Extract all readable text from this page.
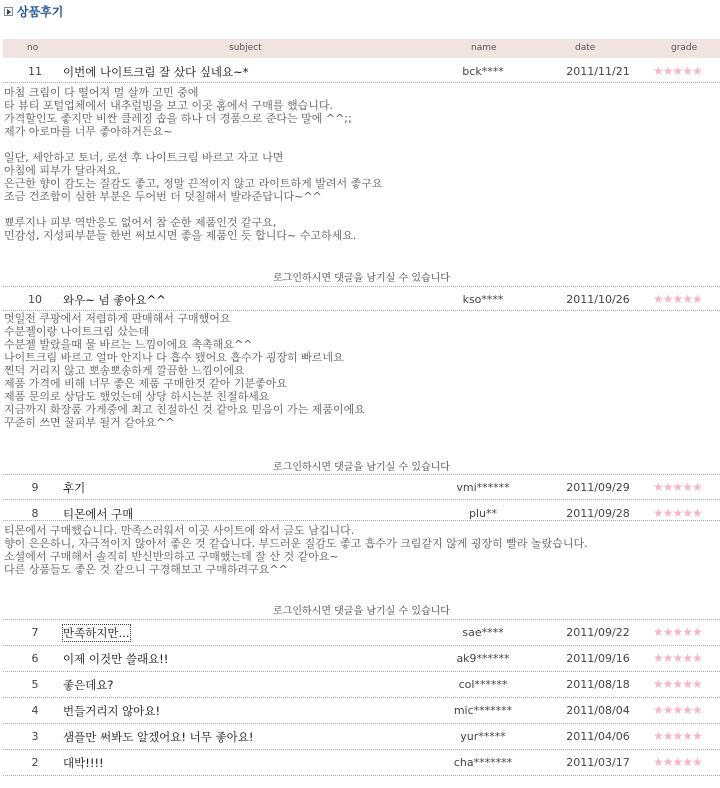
상품후기
no	subject	name	date	grade
11 이번에 나이트크림 잘 샀다 싶네요~*	bck****	2011/11/21	★★★★★
마침 크림이 다 떨어져 멀 살까 고민 중에
타 뷰티 포털업체에서 내추럴빙을 보고 이곳 홈에서 구매를 했습니다.
가격할인도 좋지만 비싼 클레징 솝을 하나 더 경품으로 준다는 말에 ^^;;
제가 아로마를 너무 좋아하거든요~

일단, 세안하고 토너, 로션 후 나이트크림 바르고 자고 나면
아침에 피부가 달라져요.
은근한 향이 감도는 질감도 좋고, 정말 끈적이지 않고 라이트하게 발려서 좋구요
조금 건조함이 심한 부분은 두어번 더 덧칠해서 발라준답니다~^^

뾰루지나 피부 역반응도 없어서 참 순한 제품인것 같구요,
민감성, 지성피부분들 한번 써보시면 좋을 제품인 듯 합니다~ 수고하세요.
로그인하시면 댓글을 남기실 수 있습니다
10 와우~ 넘 좋아요^^	kso****	2011/10/26	★★★★★
멋일전 쿠팡에서 저렴하게 판매해서 구매했어요
수분젤이랑 나이트크림 샀는데
수분젤 발랐을때 물 바르는 느낌이에요 촉촉해요^^
나이트크림 바르고 얼마 안지나 다 흡수 됐어요 흡수가 굉장히 빠르네요
찐덕 거리지 않고 뽀송뽀송하게 깔끔한 느낌이에요
제품 가격에 비해 너무 좋은 제품 구매한것 같아 기분좋아요
제품 문의로 상담도 했었는데 상당 하시는분 친절하세요
지금까지 화장품 가게중에 최고 친절하신 것 같아요 믿음이 가는 제품이에요
꾸준히 쓰면 꿀피부 될거 같아요^^
로그인하시면 댓글을 남기실 수 있습니다
9	후기	vmi******	2011/09/29	★★★★★
8	티몬에서 구매	plu**	2011/09/28	★★★★★
티몬에서 구매했습니다. 만족스러워서 이곳 사이트에 와서 글도 남깁니다.
향이 은은하니, 자극적이지 않아서 좋은 것 같습니다. 부드러운 질감도 좋고 흡수가 크림같지 않게 굉장히 빨라 놀랐습니다.
소셜에서 구매해서 솔직히 반신반의하고 구매했는데 잘 산 것 같아요~
다른 상품들도 좋은 것 같으니 구경해보고 구매하려구요^^
로그인하시면 댓글을 남기실 수 있습니다
7	만족하지만...	sae****	2011/09/22	★★★★★
6	이제 이것만 쓸래요!!	ak9******	2011/09/16	★★★★★
5	좋은데요?	col******	2011/08/18	★★★★★
4	번들거리지 않아요!	mic*******	2011/08/04	★★★★★
3	샘플만 써봐도 알겠어요! 너무 좋아요!	yur*****	2011/04/06	★★★★★
2	대박!!!!	cha*******	2011/03/17	★★★★★
